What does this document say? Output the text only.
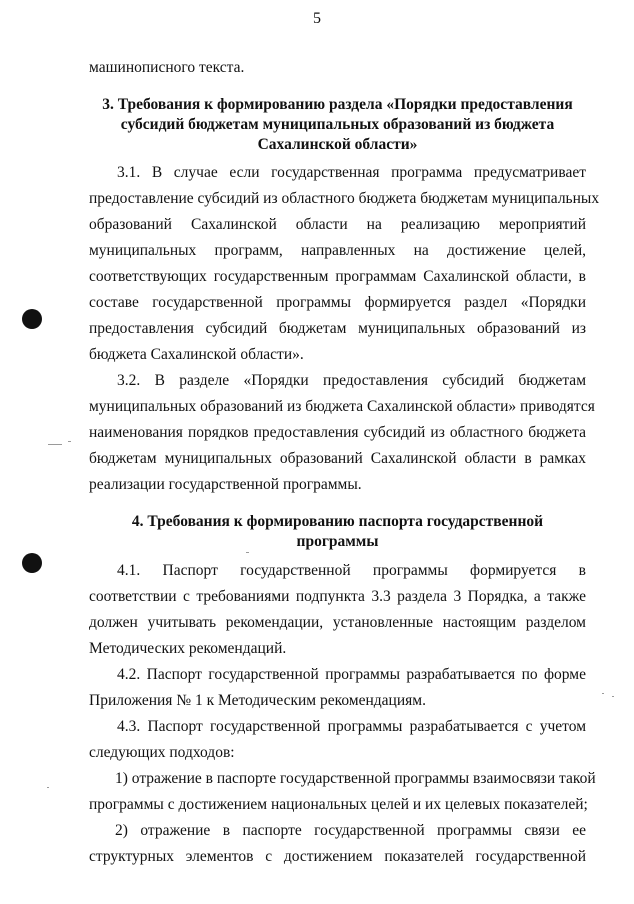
5
машинописного текста.
3. Требования к формированию раздела «Порядки предоставления
субсидий бюджетам муниципальных образований из бюджета
Сахалинской области»
3.1. В случае если государственная программа предусматривает
предоставление субсидий из областного бюджета бюджетам муниципальных
образований Сахалинской области на реализацию мероприятий
муниципальных программ, направленных на достижение целей,
соответствующих государственным программам Сахалинской области, в
составе государственной программы формируется раздел «Порядки
предоставления субсидий бюджетам муниципальных образований из
бюджета Сахалинской области».
3.2. В разделе «Порядки предоставления субсидий бюджетам
муниципальных образований из бюджета Сахалинской области» приводятся
наименования порядков предоставления субсидий из областного бюджета
бюджетам муниципальных образований Сахалинской области в рамках
реализации государственной программы.
4. Требования к формированию паспорта государственной
программы
4.1. Паспорт государственной программы формируется в
соответствии с требованиями подпункта 3.3 раздела 3 Порядка, а также
должен учитывать рекомендации, установленные настоящим разделом
Методических рекомендаций.
4.2. Паспорт государственной программы разрабатывается по форме
Приложения № 1 к Методическим рекомендациям.
4.3. Паспорт государственной программы разрабатывается с учетом
следующих подходов:
1) отражение в паспорте государственной программы взаимосвязи такой
программы с достижением национальных целей и их целевых показателей;
2) отражение в паспорте государственной программы связи ее
структурных элементов с достижением показателей государственной
